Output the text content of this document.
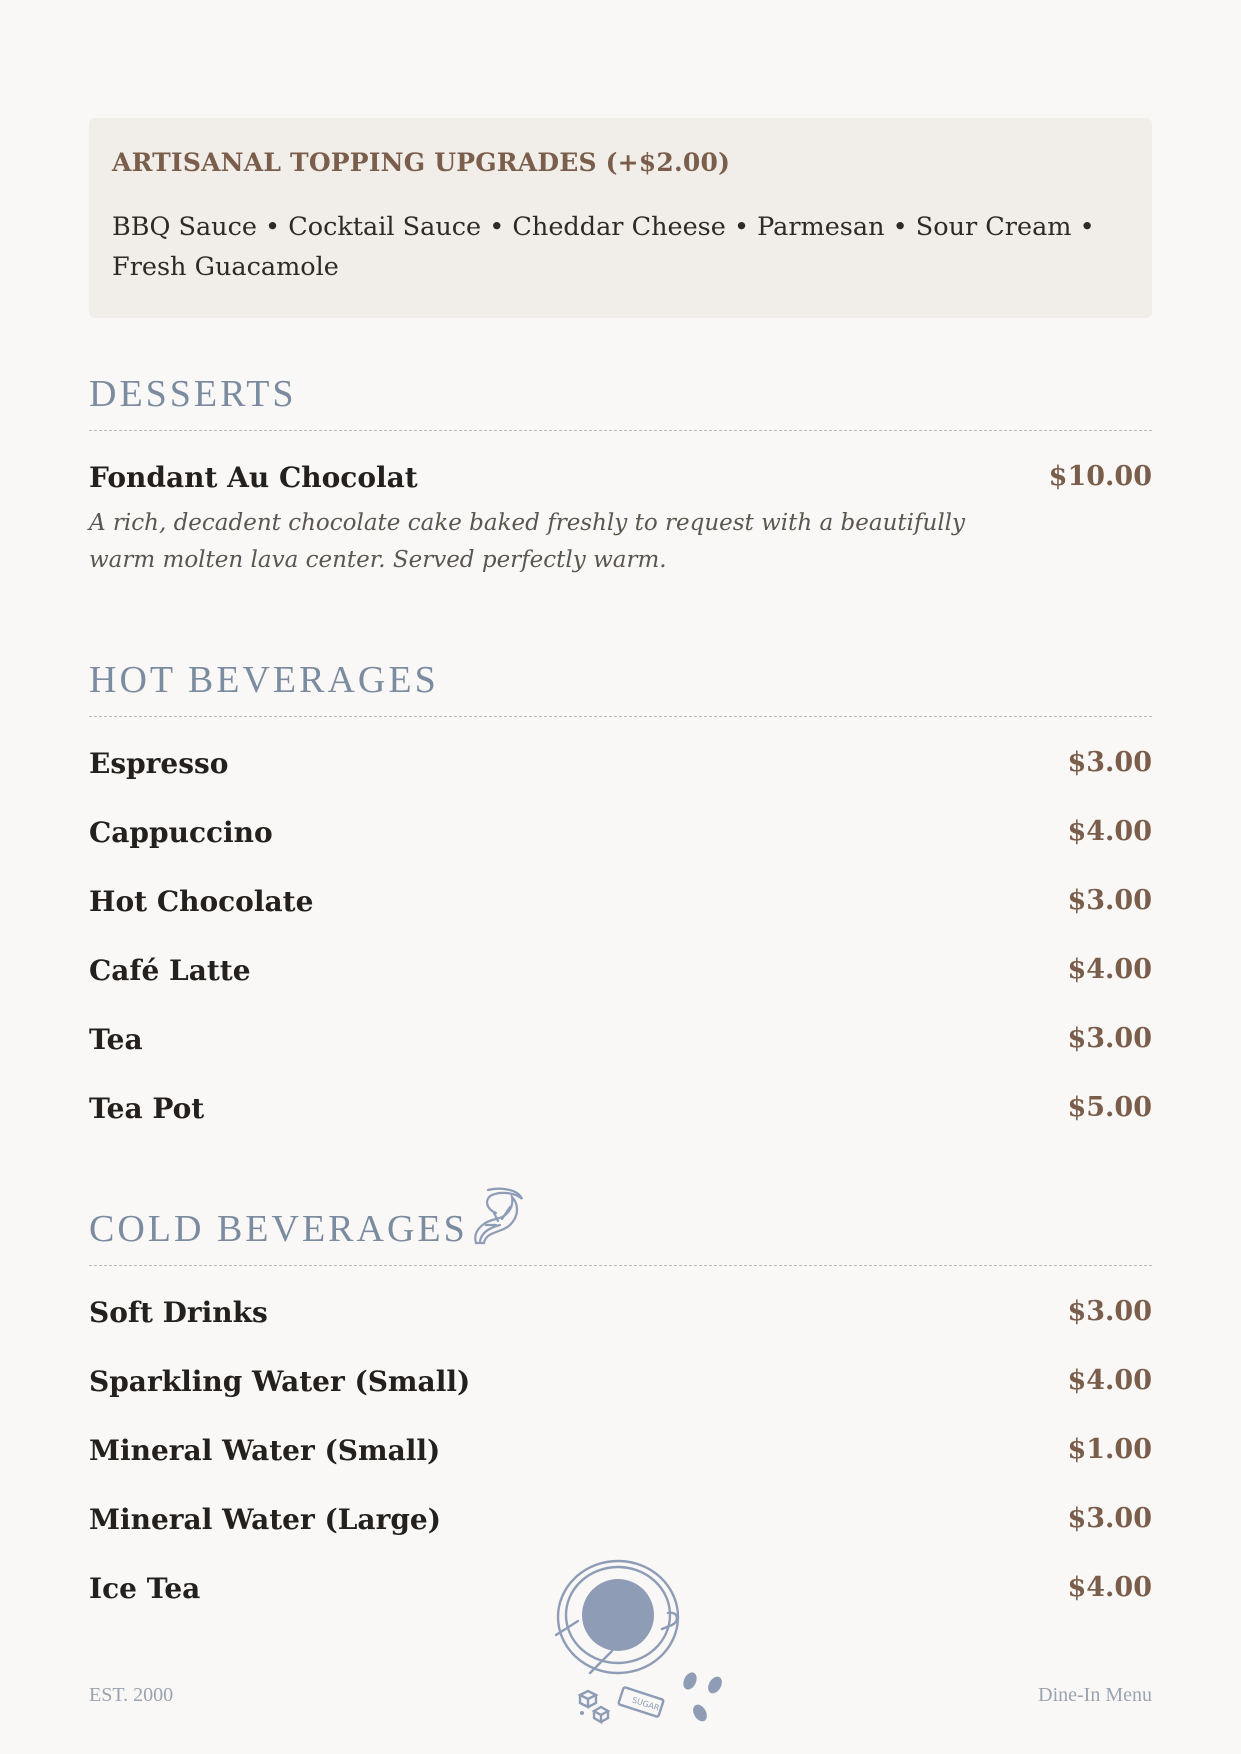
ARTISANAL TOPPING UPGRADES (+$2.00)
BBQ Sauce • Cocktail Sauce • Cheddar Cheese • Parmesan • Sour Cream • Fresh Guacamole
DESSERTS
Fondant Au Chocolat	$10.00
A rich, decadent chocolate cake baked freshly to request with a beautifully warm molten lava center. Served perfectly warm.
HOT BEVERAGES
Espresso	$3.00
Cappuccino	$4.00
Hot Chocolate	$3.00
Café Latte	$4.00
Tea	$3.00
Tea Pot	$5.00
COLD BEVERAGES
Soft Drinks	$3.00
Sparkling Water (Small)	$4.00
Mineral Water (Small)	$1.00
Mineral Water (Large)	$3.00
Ice Tea	$4.00
SUGAR
EST. 2000	Dine-In Menu
